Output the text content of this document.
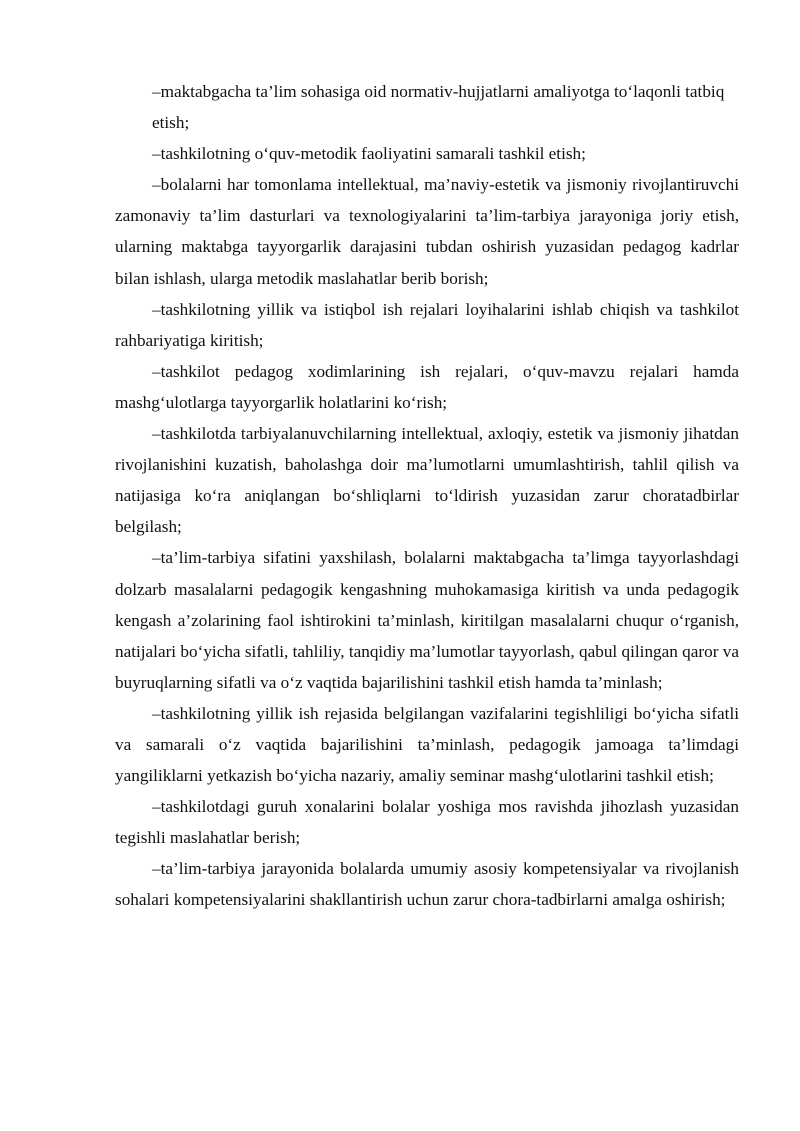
–maktabgacha ta’lim sohasiga oid normativ-hujjatlarni amaliyotga to‘laqonli tatbiq etish;

–tashkilotning o‘quv-metodik faoliyatini samarali tashkil etish;

–bolalarni har tomonlama intellektual, ma’naviy-estetik va jismoniy rivojlantiruvchi zamonaviy ta’lim dasturlari va texnologiyalarini ta’lim-tarbiya jarayoniga joriy etish, ularning maktabga tayyorgarlik darajasini tubdan oshirish yuzasidan pedagog kadrlar bilan ishlash, ularga metodik maslahatlar berib borish;

–tashkilotning yillik va istiqbol ish rejalari loyihalarini ishlab chiqish va tashkilot rahbariyatiga kiritish;

–tashkilot pedagog xodimlarining ish rejalari, o‘quv-mavzu rejalari hamda mashg‘ulotlarga tayyorgarlik holatlarini ko‘rish;

–tashkilotda tarbiyalanuvchilarning intellektual, axloqiy, estetik va jismoniy jihatdan rivojlanishini kuzatish, baholashga doir ma’lumotlarni umumlashtirish, tahlil qilish va natijasiga ko‘ra aniqlangan bo‘shliqlarni to‘ldirish yuzasidan zarur choratadbirlar belgilash;

–ta’lim-tarbiya sifatini yaxshilash, bolalarni maktabgacha ta’limga tayyorlashdagi dolzarb masalalarni pedagogik kengashning muhokamasiga kiritish va unda pedagogik kengash a’zolarining faol ishtirokini ta’minlash, kiritilgan masalalarni chuqur o‘rganish, natijalari bo‘yicha sifatli, tahliliy, tanqidiy ma’lumotlar tayyorlash, qabul qilingan qaror va buyruqlarning sifatli va o‘z vaqtida bajarilishini tashkil etish hamda ta’minlash;

–tashkilotning yillik ish rejasida belgilangan vazifalarini tegishliligi bo‘yicha sifatli va samarali o‘z vaqtida bajarilishini ta’minlash, pedagogik jamoaga ta’limdagi yangiliklarni yetkazish bo‘yicha nazariy, amaliy seminar mashg‘ulotlarini tashkil etish;

–tashkilotdagi guruh xonalarini bolalar yoshiga mos ravishda jihozlash yuzasidan tegishli maslahatlar berish;

–ta’lim-tarbiya jarayonida bolalarda umumiy asosiy kompetensiyalar va rivojlanish sohalari kompetensiyalarini shakllantirish uchun zarur chora-tadbirlarni amalga oshirish;
